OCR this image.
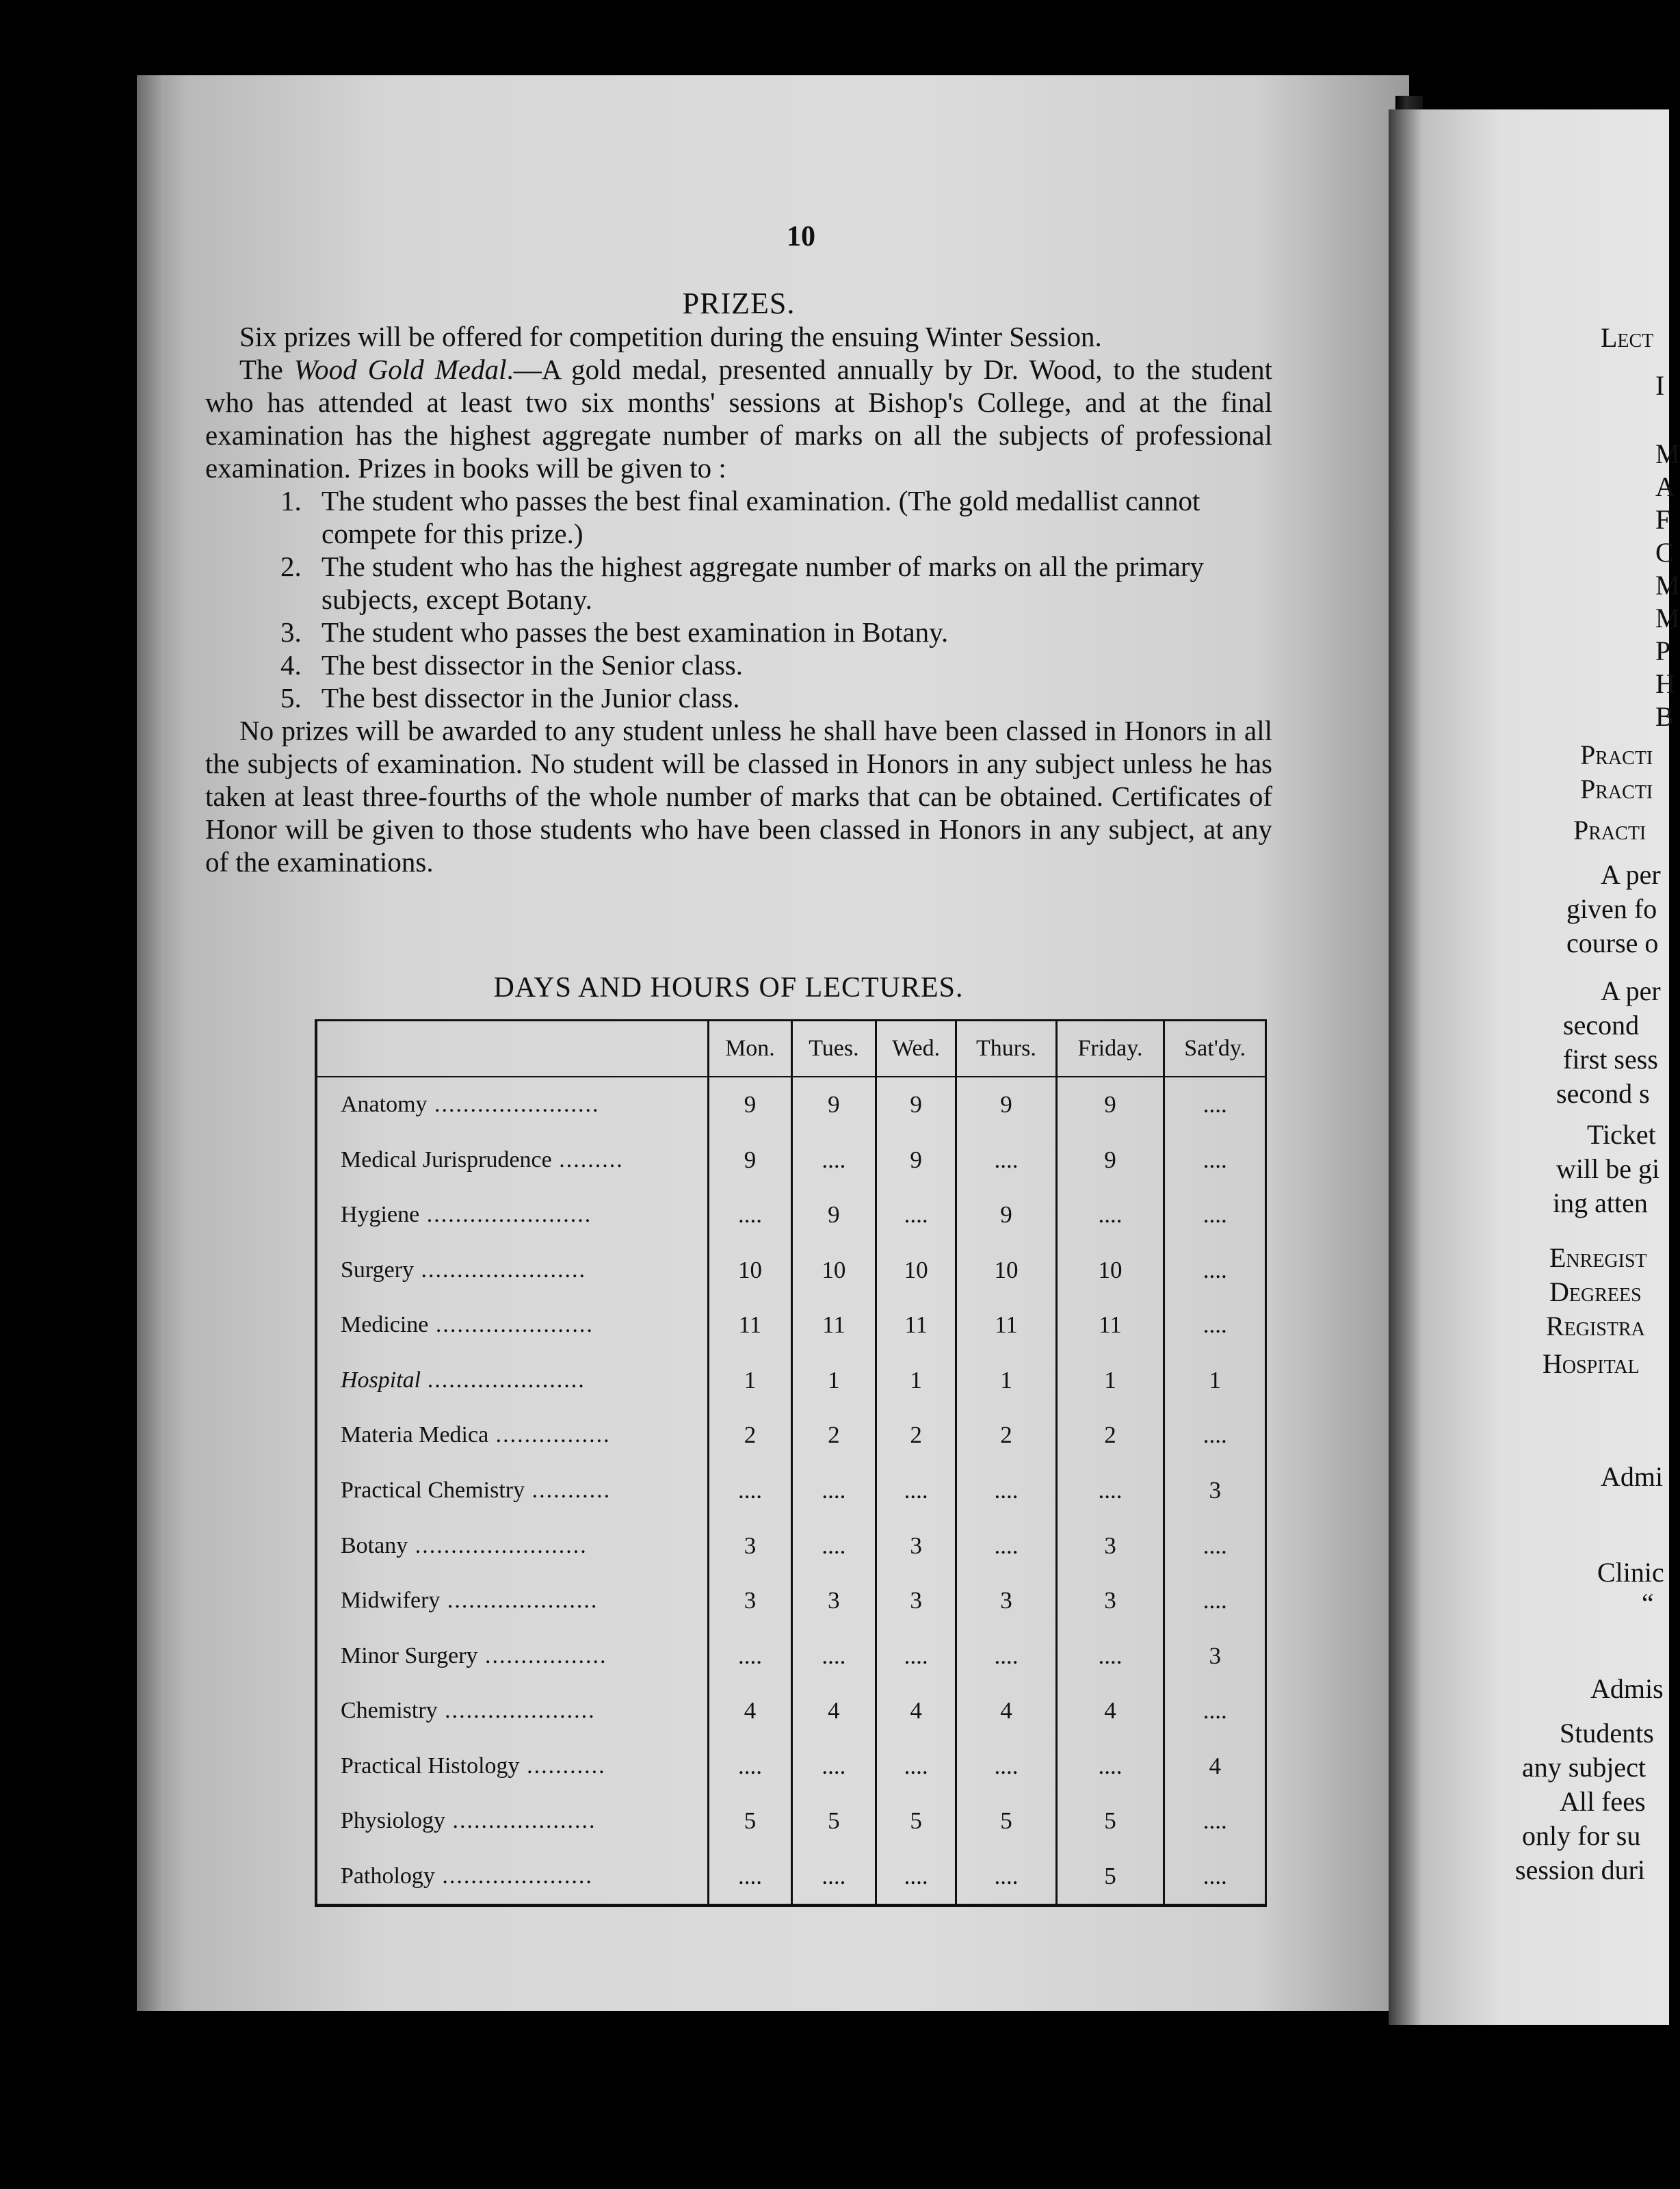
10

PRIZES.

Six prizes will be offered for competition during the ensuing Winter Session.

The Wood Gold Medal.—A gold medal, presented annually by Dr. Wood, to the student who has attended at least two six months' sessions at Bishop's College, and at the final examination has the highest aggregate number of marks on all the subjects of professional examination. Prizes in books will be given to :

1. The student who passes the best final examination. (The gold medallist cannot compete for this prize.)
2. The student who has the highest aggregate number of marks on all the primary subjects, except Botany.
3. The student who passes the best examination in Botany.
4. The best dissector in the Senior class.
5. The best dissector in the Junior class.

No prizes will be awarded to any student unless he shall have been classed in Honors in all the subjects of examination. No student will be classed in Honors in any subject unless he has taken at least three-fourths of the whole number of marks that can be obtained. Certificates of Honor will be given to those students who have been classed in Honors in any subject, at any of the examinations.

DAYS AND HOURS OF LECTURES.
	Mon.	Tues.	Wed.	Thurs.	Friday.	Sat'dy.
Anatomy .......................	9	9	9	9	9	....
Medical Jurisprudence .........	9	....	9	....	9	....
Hygiene .......................	....	9	....	9	....	....
Surgery .......................	10	10	10	10	10	....
Medicine ......................	11	11	11	11	11	....
Hospital ......................	1	1	1	1	1	1
Materia Medica ................	2	2	2	2	2	....
Practical Chemistry ...........	....	....	....	....	....	3
Botany ........................	3	....	3	....	3	....
Midwifery .....................	3	3	3	3	3	....
Minor Surgery .................	....	....	....	....	....	3
Chemistry .....................	4	4	4	4	4	....
Practical Histology ...........	....	....	....	....	....	4
Physiology ....................	5	5	5	5	5	....
Pathology .....................	....	....	....	....	5	....
Lect
I
M
A
F
C
M
M
P
H
B
Practi
Practi
Practi
A per
given fo
course o
A per
second
first sess
second s
Ticket
will be gi
ing atten
Enregist
Degrees
Registra
Hospital
Admi
Clinic
“
Admis
Students
any subject
All fees
only for su
session duri
